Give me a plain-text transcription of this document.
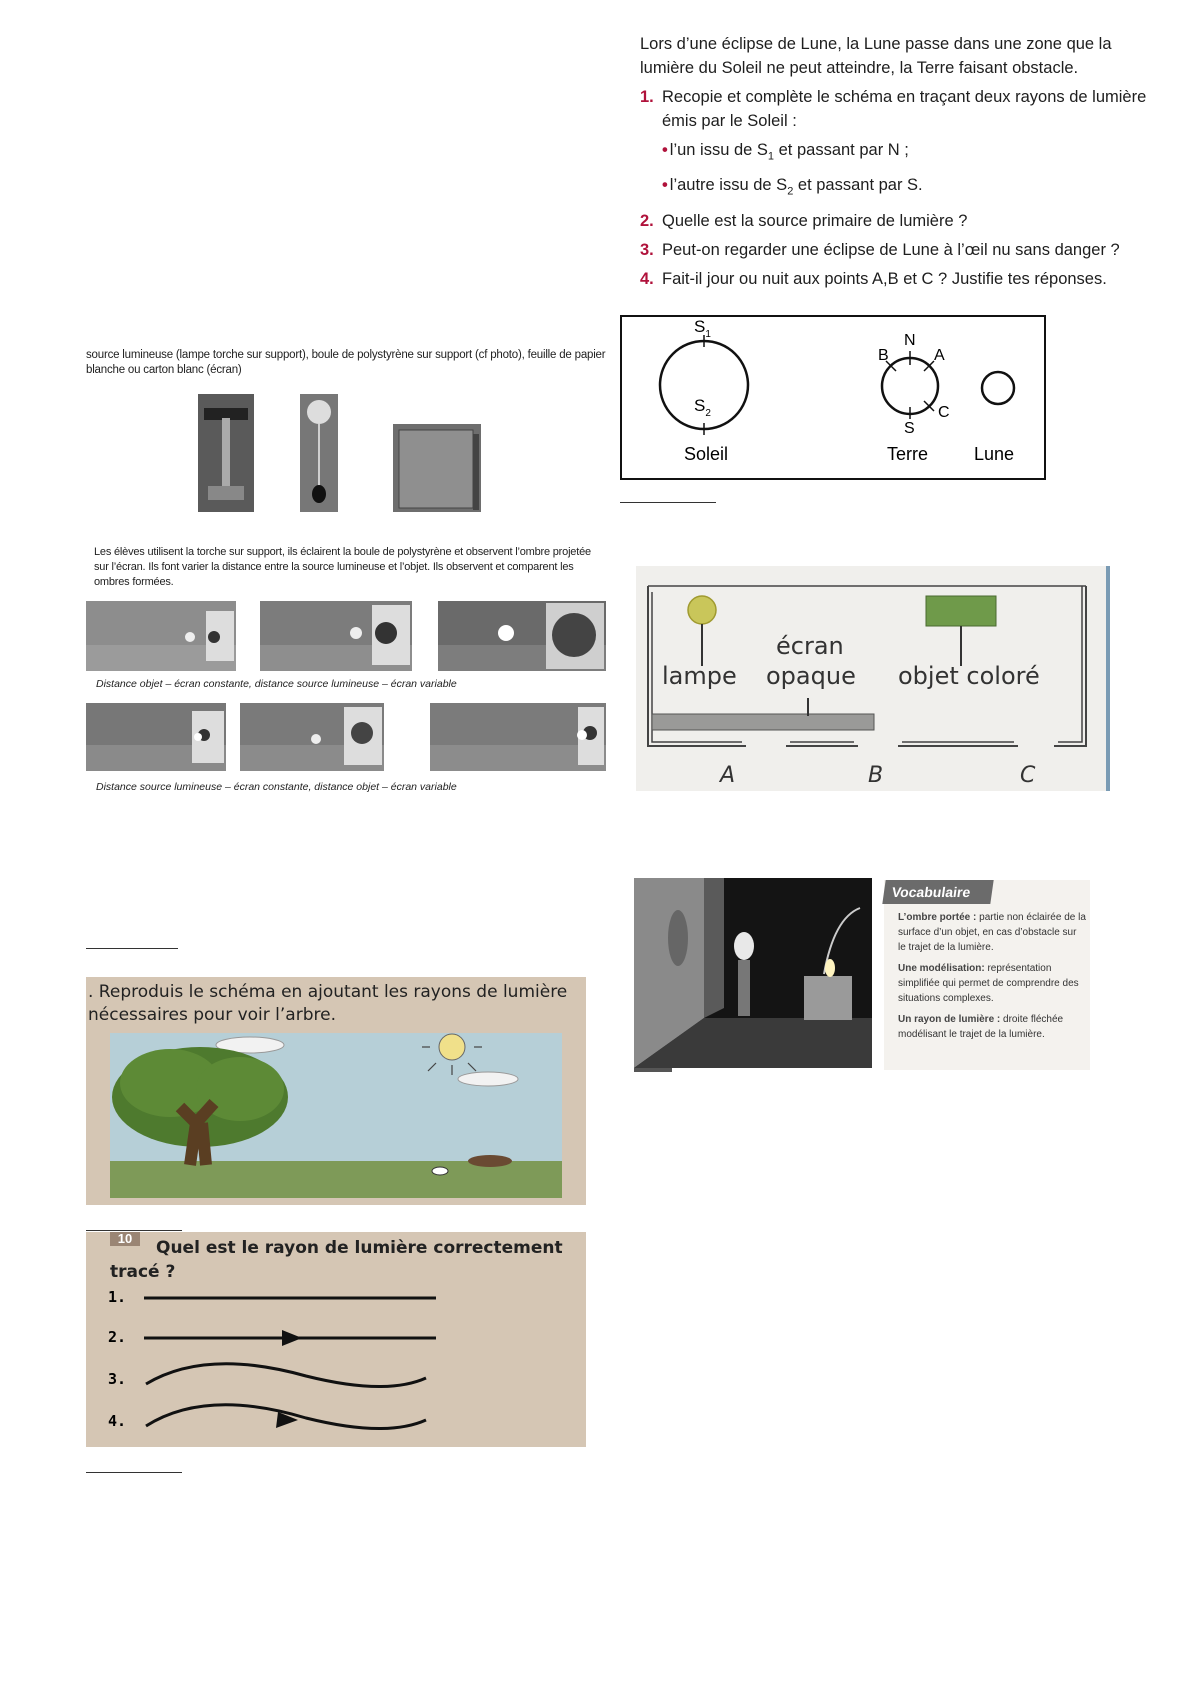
Lors d’une éclipse de Lune, la Lune passe dans une zone que la lumière du Soleil ne peut atteindre, la Terre faisant obstacle.

1. Recopie et complète le schéma en traçant deux rayons de lumière émis par le Soleil :
• l’un issu de $S_1$ et passant par N ;
• l’autre issu de $S_2$ et passant par S.
2. Quelle est la source primaire de lumière ?
3. Peut-on regarder une éclipse de Lune à l’œil nu sans danger ?
4. Fait-il jour ou nuit aux points A,B et C ? Justifie tes réponses.
$S_1$
$S_2$
Soleil
N
B	A
C
S
Terre	Lune
source lumineuse (lampe torche sur support), boule de polystyrène sur support (cf photo), feuille de papier blanche ou carton blanc (écran)
Les élèves utilisent la torche sur support, ils éclairent la boule de polystyrène et observent l’ombre projetée sur l’écran. Ils font varier la distance entre la source lumineuse et l’objet. Ils observent et comparent les ombres formées.
Distance objet – écran constante, distance source lumineuse – écran variable
Distance source lumineuse – écran constante, distance objet – écran variable
lampe
écran
opaque objet coloré
A	B	C
Vocabulaire

L’ombre portée : partie non éclairée de la surface d’un objet, en cas d’obstacle sur le trajet de la lumière.

Une modélisation: représentation simplifiée qui permet de comprendre des situations complexes.

Un rayon de lumière : droite fléchée modélisant le trajet de la lumière.

. Reproduis le schéma en ajoutant les rayons de lumière nécessaires pour voir l’arbre.
10	Quel est le rayon de lumière correctement tracé ?
1.
2.
3.
4.
